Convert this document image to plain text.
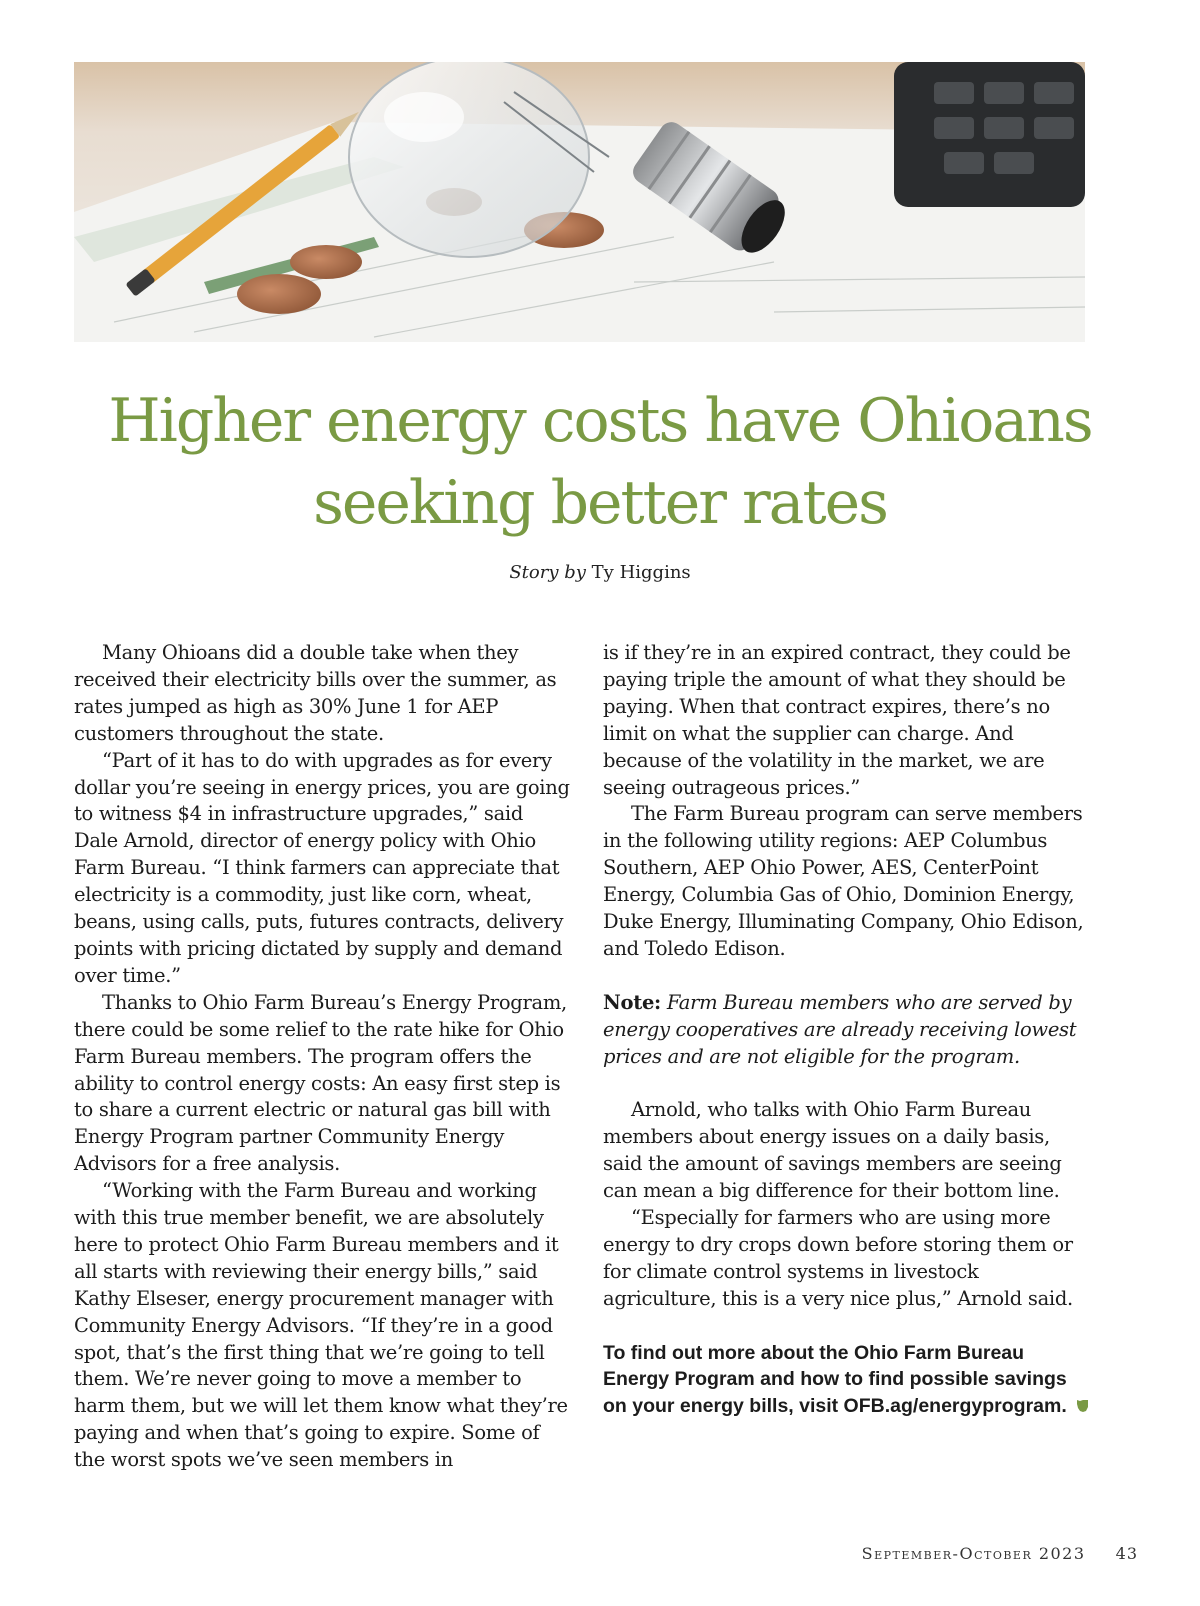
Higher energy costs have Ohioans seeking better rates
Story by Ty Higgins

Many Ohioans did a double take when they received their electricity bills over the summer, as rates jumped as high as 30% June 1 for AEP customers throughout the state.

“Part of it has to do with upgrades as for every dollar you’re seeing in energy prices, you are going to witness $4 in infrastructure upgrades,” said Dale Arnold, director of energy policy with Ohio Farm Bureau. “I think farmers can appreciate that electricity is a commodity, just like corn, wheat, beans, using calls, puts, futures contracts, delivery points with pricing dictated by supply and demand over time.”

Thanks to Ohio Farm Bureau’s Energy Program, there could be some relief to the rate hike for Ohio Farm Bureau members. The program offers the ability to control energy costs: An easy first step is to share a current electric or natural gas bill with Energy Program partner Community Energy Advisors for a free analysis.

“Working with the Farm Bureau and working with this true member benefit, we are absolutely here to protect Ohio Farm Bureau members and it all starts with reviewing their energy bills,” said Kathy Elseser, energy procurement manager with Community Energy Advisors. “If they’re in a good spot, that’s the first thing that we’re going to tell them. We’re never going to move a member to harm them, but we will let them know what they’re paying and when that’s going to expire. Some of the worst spots we’ve seen members in

is if they’re in an expired contract, they could be paying triple the amount of what they should be paying. When that contract expires, there’s no limit on what the supplier can charge. And because of the volatility in the market, we are seeing outrageous prices.”

The Farm Bureau program can serve members in the following utility regions: AEP Columbus Southern, AEP Ohio Power, AES, CenterPoint Energy, Columbia Gas of Ohio, Dominion Energy, Duke Energy, Illuminating Company, Ohio Edison, and Toledo Edison.

Note: Farm Bureau members who are served by energy cooperatives are already receiving lowest prices and are not eligible for the program.

Arnold, who talks with Ohio Farm Bureau members about energy issues on a daily basis, said the amount of savings members are seeing can mean a big difference for their bottom line.

“Especially for farmers who are using more energy to dry crops down before storing them or for climate control systems in livestock agriculture, this is a very nice plus,” Arnold said.

To find out more about the Ohio Farm Bureau Energy Program and how to find possible savings on your energy bills, visit OFB.ag/energyprogram.

September-October 2023 43
